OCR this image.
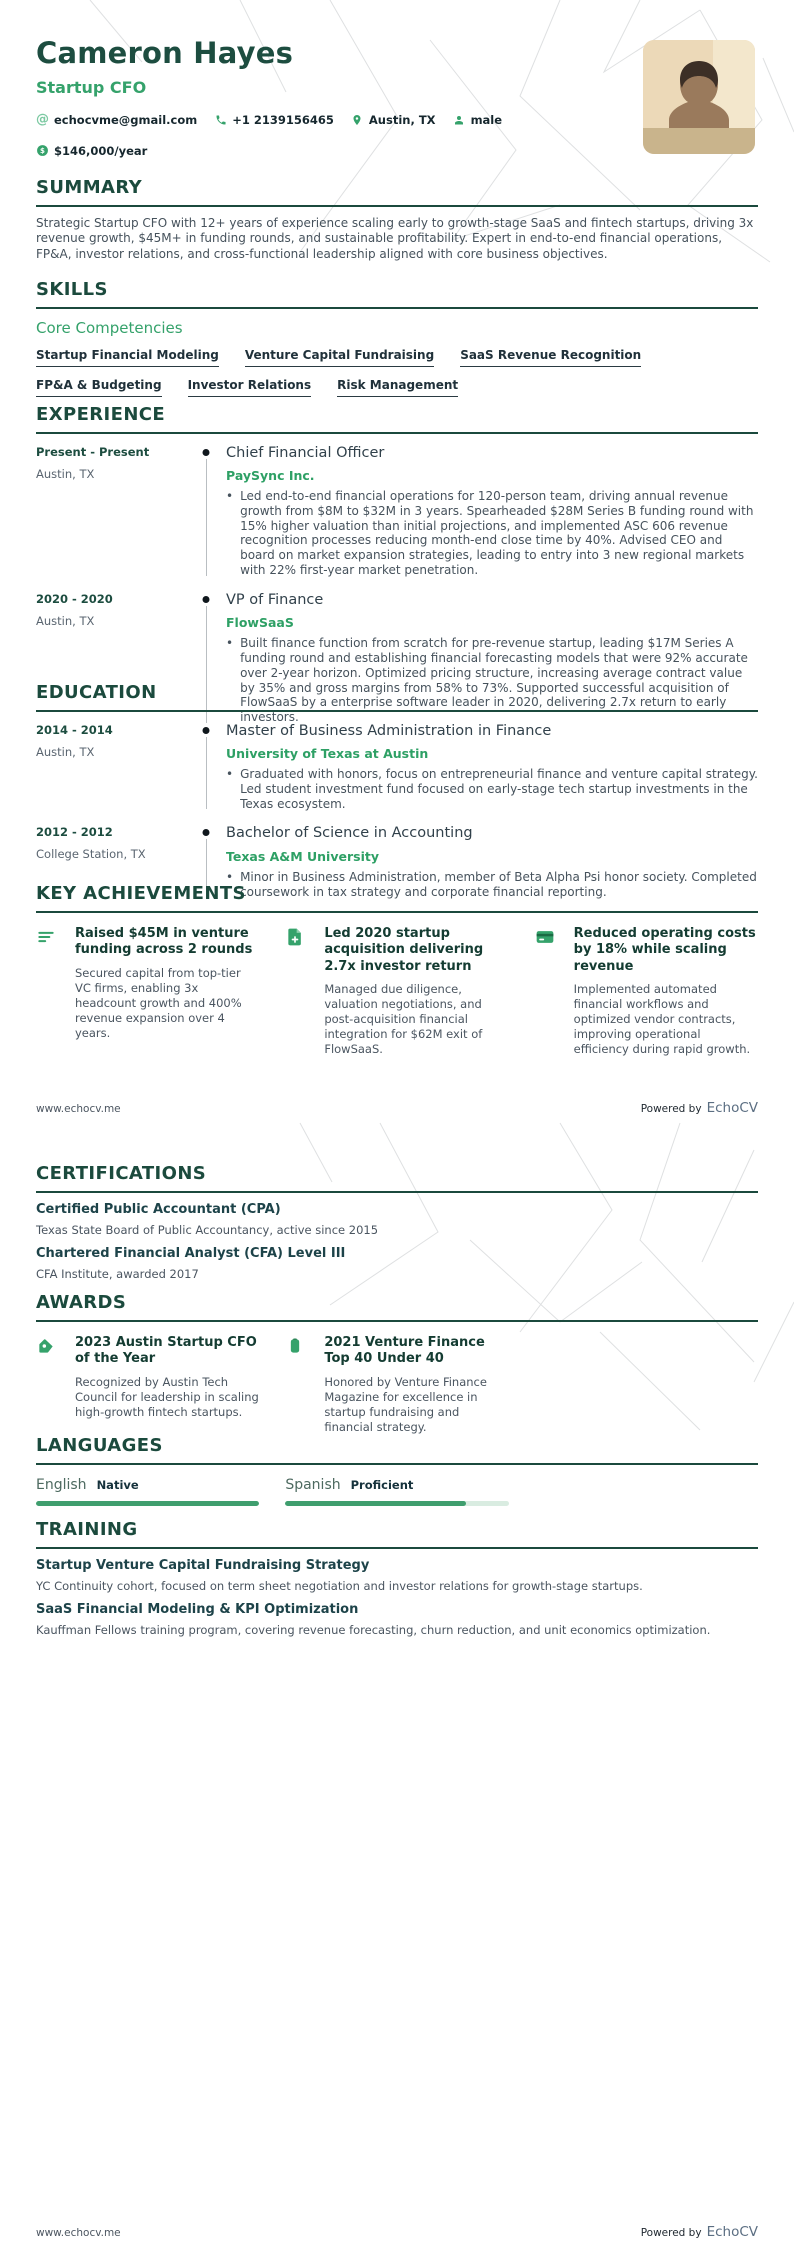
Cameron Hayes
Startup CFO
@ echocvme@gmail.com	+1 2139156465	Austin, TX	male
$ $146,000/year
SUMMARY

Strategic Startup CFO with 12+ years of experience scaling early to growth-stage SaaS and fintech startups, driving 3x revenue growth, $45M+ in funding rounds, and sustainable profitability. Expert in end-to-end financial operations, FP&A, investor relations, and cross-functional leadership aligned with core business objectives.

SKILLS
Core Competencies
Startup Financial Modeling Venture Capital Fundraising SaaS Revenue Recognition
FP&A & Budgeting Investor Relations Risk Management
EXPERIENCE
Present - Present
Austin, TX
Chief Financial Officer
PaySync Inc.
• Led end-to-end financial operations for 120-person team, driving annual revenue growth from $8M to $32M in 3 years. Spearheaded $28M Series B funding round with 15% higher valuation than initial projections, and implemented ASC 606 revenue recognition processes reducing month-end close time by 40%. Advised CEO and board on market expansion strategies, leading to entry into 3 new regional markets with 22% first-year market penetration.
2020 - 2020
Austin, TX
VP of Finance
FlowSaaS
• Built finance function from scratch for pre-revenue startup, leading $17M Series A funding round and establishing financial forecasting models that were 92% accurate over 2-year horizon. Optimized pricing structure, increasing average contract value by 35% and gross margins from 58% to 73%. Supported successful acquisition of FlowSaaS by a enterprise software leader in 2020, delivering 2.7x return to early investors.
EDUCATION
2014 - 2014
Austin, TX
Master of Business Administration in Finance
University of Texas at Austin
• Graduated with honors, focus on entrepreneurial finance and venture capital strategy. Led student investment fund focused on early-stage tech startup investments in the Texas ecosystem.
2012 - 2012
College Station, TX
Bachelor of Science in Accounting
Texas A&M University
• Minor in Business Administration, member of Beta Alpha Psi honor society. Completed coursework in tax strategy and corporate financial reporting.
KEY ACHIEVEMENTS
Raised $45M in venture funding across 2 rounds

Secured capital from top-tier VC firms, enabling 3x headcount growth and 400% revenue expansion over 4 years.

Led 2020 startup acquisition delivering 2.7x investor return

Managed due diligence, valuation negotiations, and post-acquisition financial integration for $62M exit of FlowSaaS.

Reduced operating costs by 18% while scaling revenue

Implemented automated financial workflows and optimized vendor contracts, improving operational efficiency during rapid growth.

www.echocv.me	Powered by EchoCV
CERTIFICATIONS
Certified Public Accountant (CPA)
Texas State Board of Public Accountancy, active since 2015
Chartered Financial Analyst (CFA) Level III
CFA Institute, awarded 2017
AWARDS
2023 Austin Startup CFO of the Year

Recognized by Austin Tech Council for leadership in scaling high-growth fintech startups.

2021 Venture Finance Top 40 Under 40

Honored by Venture Finance Magazine for excellence in startup fundraising and financial strategy.

LANGUAGES
English Native	Spanish Proficient
TRAINING
Startup Venture Capital Fundraising Strategy
YC Continuity cohort, focused on term sheet negotiation and investor relations for growth-stage startups.
SaaS Financial Modeling & KPI Optimization
Kauffman Fellows training program, covering revenue forecasting, churn reduction, and unit economics optimization.
www.echocv.me	Powered by EchoCV
